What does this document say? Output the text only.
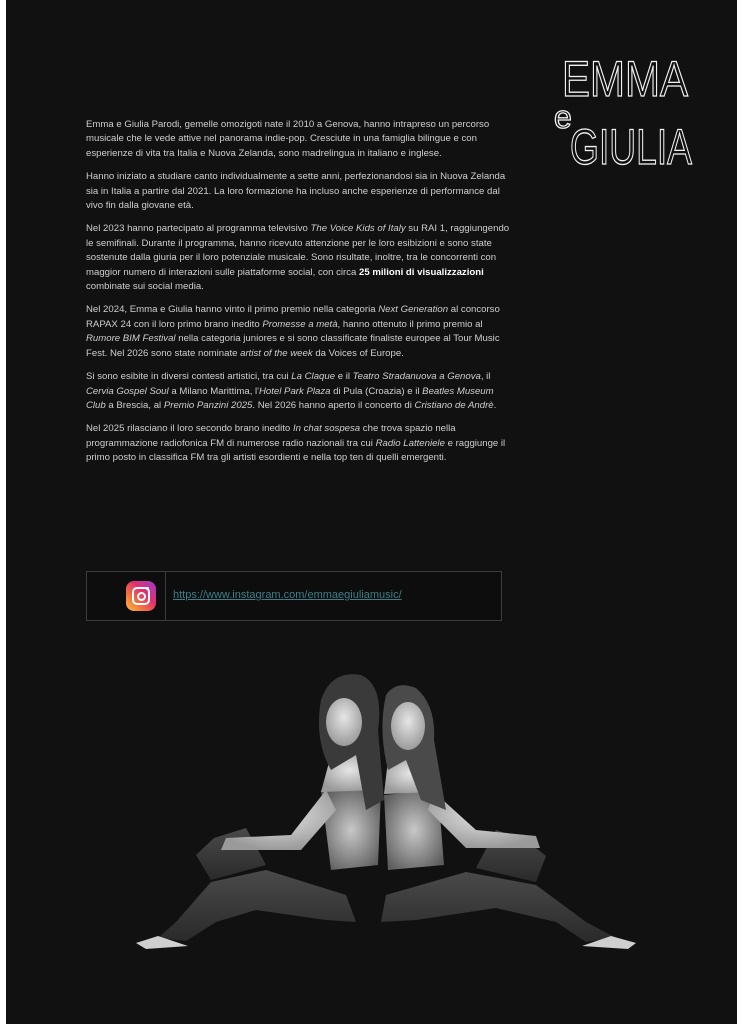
EMMA
e
GIULIA

Emma e Giulia Parodi, gemelle omozigoti nate il 2010 a Genova, hanno intrapreso un percorso musicale che le vede attive nel panorama indie-pop. Cresciute in una famiglia bilingue e con esperienze di vita tra Italia e Nuova Zelanda, sono madrelingua in italiano e inglese.

Hanno iniziato a studiare canto individualmente a sette anni, perfezionandosi sia in Nuova Zelanda sia in Italia a partire dal 2021. La loro formazione ha incluso anche esperienze di performance dal vivo fin dalla giovane età.

Nel 2023 hanno partecipato al programma televisivo The Voice Kids of Italy su RAI 1, raggiungendo le semifinali. Durante il programma, hanno ricevuto attenzione per le loro esibizioni e sono state sostenute dalla giuria per il loro potenziale musicale. Sono risultate, inoltre, tra le concorrenti con maggior numero di interazioni sulle piattaforme social, con circa 25 milioni di visualizzazioni combinate sui social media.

Nel 2024, Emma e Giulia hanno vinto il primo premio nella categoria Next Generation al concorso RAPAX 24 con il loro primo brano inedito Promesse a metà, hanno ottenuto il primo premio al Rumore BIM Festival nella categoria juniores e si sono classificate finaliste europee al Tour Music Fest. Nel 2026 sono state nominate artist of the week da Voices of Europe.

Si sono esibite in diversi contesti artistici, tra cui La Claque e il Teatro Stradanuova a Genova, il Cervia Gospel Soul a Milano Marittima, l'Hotel Park Plaza di Pula (Croazia) e il Beatles Museum Club a Brescia, al Premio Panzini 2025. Nel 2026 hanno aperto il concerto di Cristiano de Andrè.

Nel 2025 rilasciano il loro secondo brano inedito In chat sospesa che trova spazio nella programmazione radiofonica FM di numerose radio nazionali tra cui Radio Latteniele e raggiunge il primo posto in classifica FM tra gli artisti esordienti e nella top ten di quelli emergenti.

https://www.instagram.com/emmaegiuliamusic/
